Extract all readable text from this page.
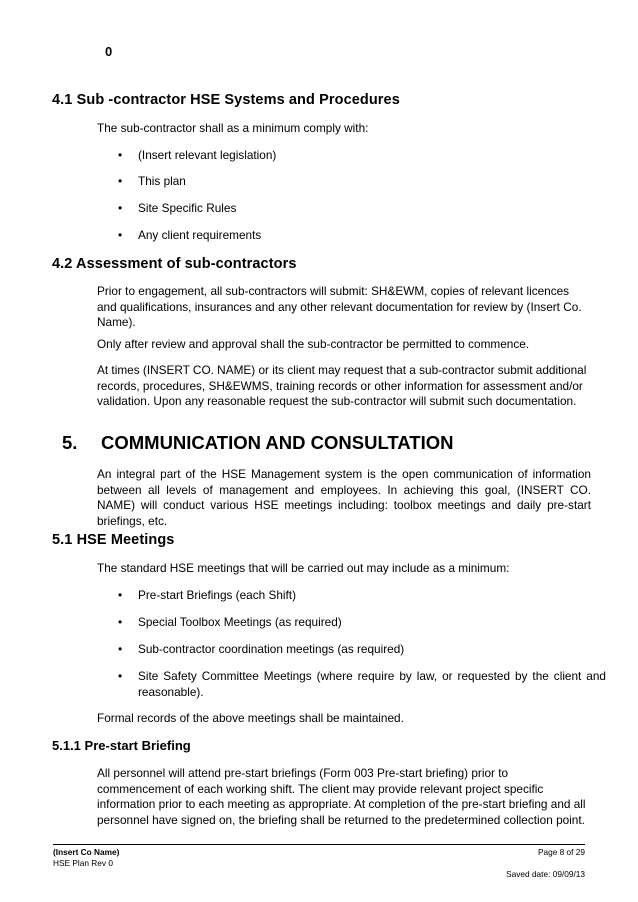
0
4.1 Sub -contractor HSE Systems and Procedures
The sub-contractor shall as a minimum comply with:
• (Insert relevant legislation)
• This plan
• Site Specific Rules
• Any client requirements
4.2 Assessment of sub-contractors
Prior to engagement, all sub-contractors will submit: SH&EWM, copies of relevant licences and qualifications, insurances and any other relevant documentation for review by (Insert Co. Name).
Only after review and approval shall the sub-contractor be permitted to commence.
At times (INSERT CO. NAME) or its client may request that a sub-contractor submit additional records, procedures, SH&EWMS, training records or other information for assessment and/or validation. Upon any reasonable request the sub-contractor will submit such documentation.
5. COMMUNICATION AND CONSULTATION
An integral part of the HSE Management system is the open communication of information between all levels of management and employees. In achieving this goal, (INSERT CO. NAME) will conduct various HSE meetings including: toolbox meetings and daily pre-start briefings, etc.
5.1 HSE Meetings
The standard HSE meetings that will be carried out may include as a minimum:
• Pre-start Briefings (each Shift)
• Special Toolbox Meetings (as required)
• Sub-contractor coordination meetings (as required)
• Site Safety Committee Meetings (where require by law, or requested by the client and reasonable).
Formal records of the above meetings shall be maintained.
5.1.1 Pre-start Briefing
All personnel will attend pre-start briefings (Form 003 Pre-start briefing) prior to commencement of each working shift. The client may provide relevant project specific information prior to each meeting as appropriate. At completion of the pre-start briefing and all personnel have signed on, the briefing shall be returned to the predetermined collection point.
(Insert Co Name)
HSE Plan Rev 0
Page 8 of 29
Saved date: 09/09/13
